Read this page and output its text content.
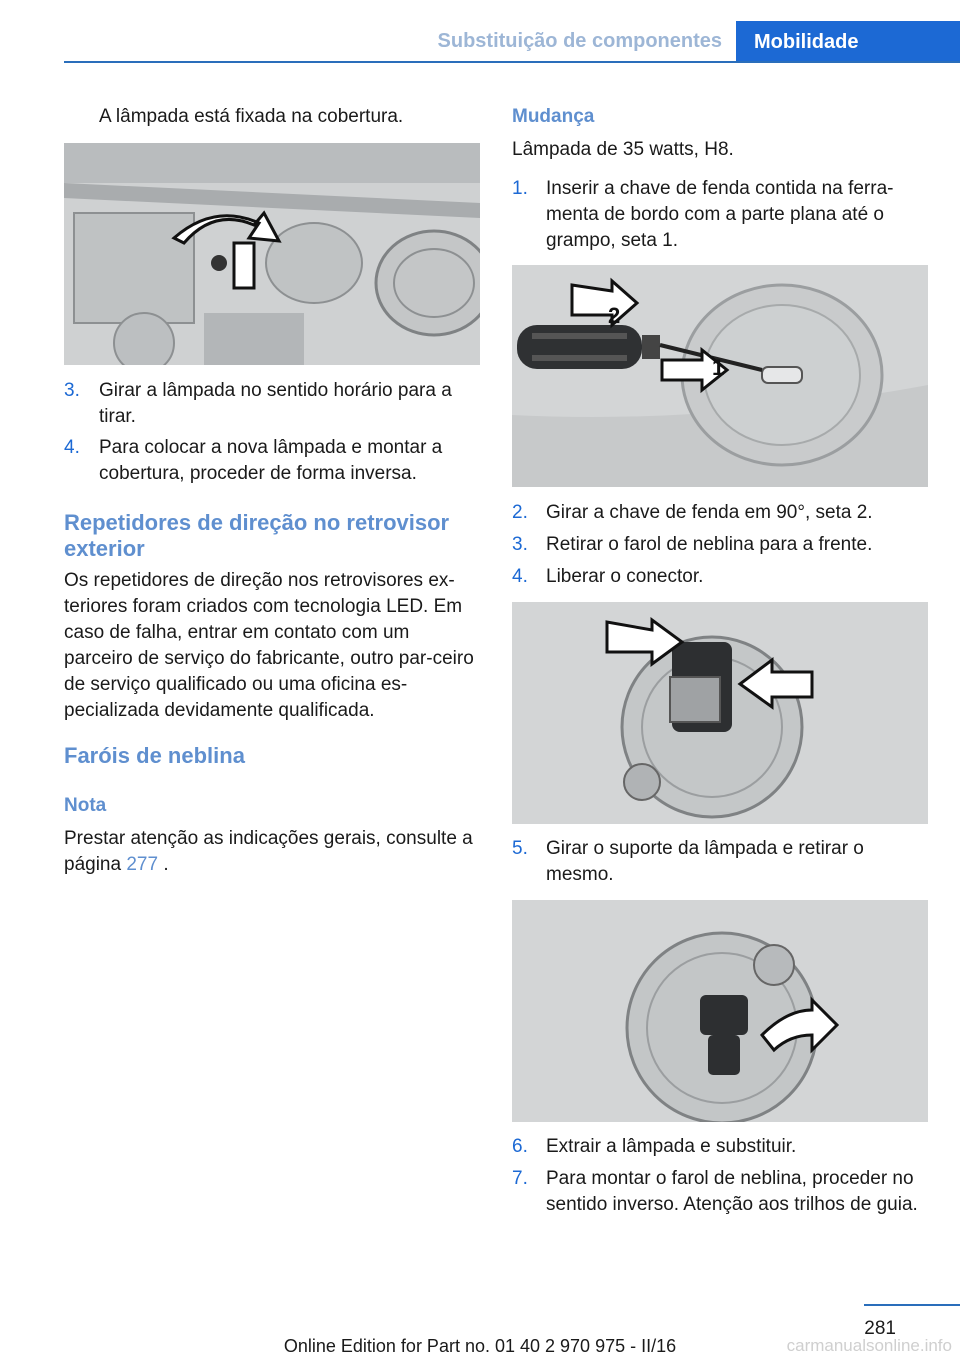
Substituição de componentes	Mobilidade
A lâmpada está fixada na cobertura.
3. Girar a lâmpada no sentido horário para a tirar.
4. Para colocar a nova lâmpada e montar a cobertura, proceder de forma inversa.
Repetidores de direção no retrovisor exterior
Os repetidores de direção nos retrovisores ex-teriores foram criados com tecnologia LED. Em caso de falha, entrar em contato com um parceiro de serviço do fabricante, outro par-ceiro de serviço qualificado ou uma oficina es-pecializada devidamente qualificada.
Faróis de neblina
Nota
Prestar atenção as indicações gerais, consulte a página 277 .
Mudança
Lâmpada de 35 watts, H8.
1. Inserir a chave de fenda contida na ferra-menta de bordo com a parte plana até o grampo, seta 1.
2
1
2. Girar a chave de fenda em 90°, seta 2.
3. Retirar o farol de neblina para a frente.
4. Liberar o conector.
5. Girar o suporte da lâmpada e retirar o mesmo.
6. Extrair a lâmpada e substituir.
7. Para montar o farol de neblina, proceder no sentido inverso. Atenção aos trilhos de guia.
281
Online Edition for Part no. 01 40 2 970 975 - II/16	carmanualsonline.info
